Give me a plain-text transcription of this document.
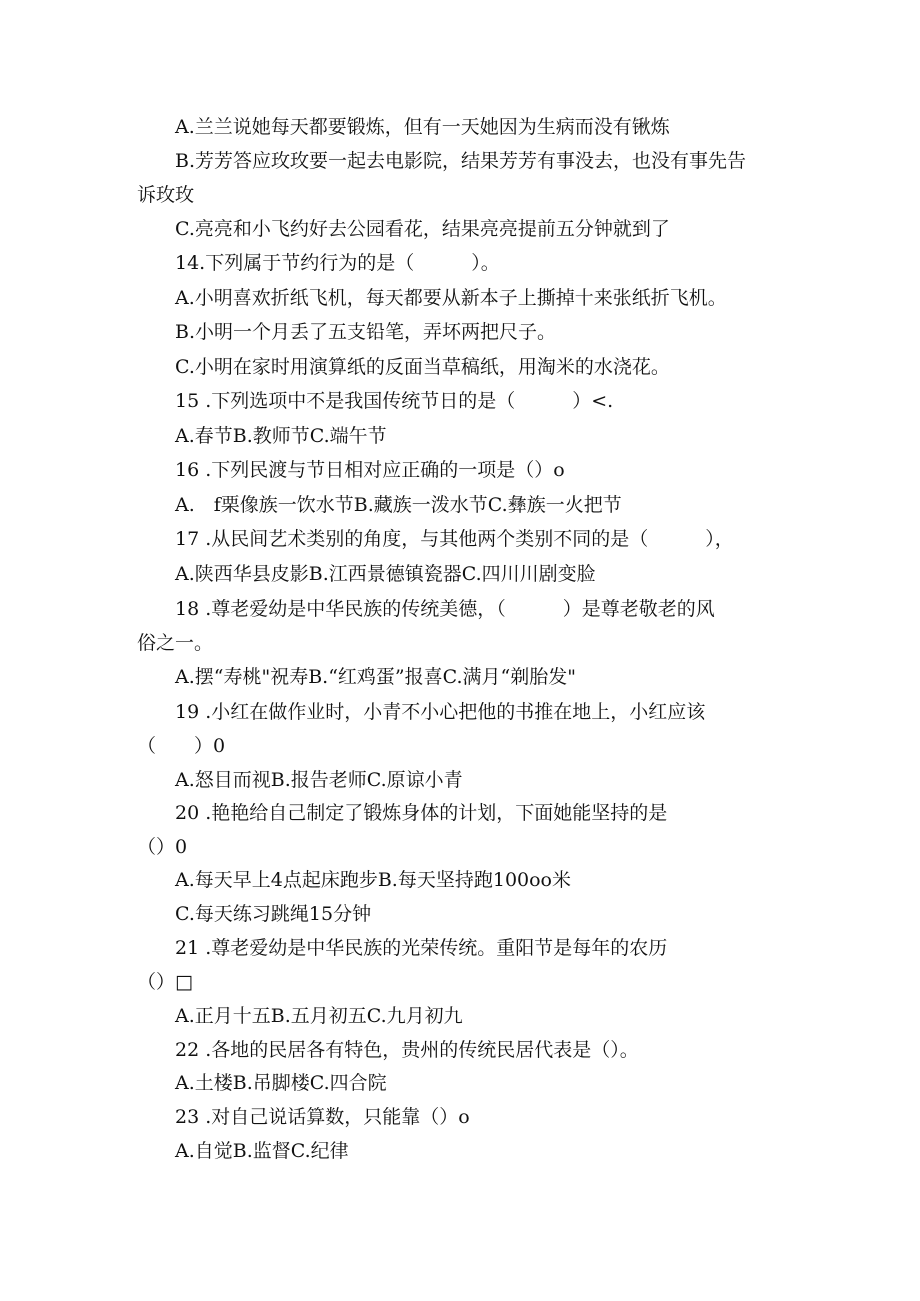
A.兰兰说她每天都要锻炼，但有一天她因为生病而没有锹炼
B.芳芳答应玫玫要一起去电影院，结果芳芳有事没去，也没有事先告
诉玫玫
C.亮亮和小飞约好去公园看花，结果亮亮提前五分钟就到了
14.下列属于节约行为的是（　　　）。
A.小明喜欢折纸飞机，每天都要从新本子上撕掉十来张纸折飞机。
B.小明一个月丢了五支铅笔，弄坏两把尺子。
C.小明在家时用演算纸的反面当草稿纸，用淘米的水浇花。
15 .下列选项中不是我国传统节日的是（　　　）<.
A.春节B.教师节C.端午节
16 .下列民渡与节日相对应正确的一项是（）o
A.　f栗像族一饮水节B.藏族一泼水节C.彝族一火把节
17 .从民间艺术类别的角度，与其他两个类别不同的是（　　　），
A.陕西华县皮影B.江西景德镇瓷器C.四川川剧变脸
18 .尊老爱幼是中华民族的传统美德，（　　　）是尊老敬老的风
俗之一。
A.摆“寿桃"祝寿B.“红鸡蛋”报喜C.满月“剃胎发"
19 .小红在做作业时，小青不小心把他的书推在地上，小红应该
（　　）0
A.怒目而视B.报告老师C.原谅小青
20 .艳艳给自己制定了锻炼身体的计划，下面她能坚持的是
（）0
A.每天早上4点起床跑步B.每天坚持跑100oo米
C.每天练习跳绳15分钟
21 .尊老爱幼是中华民族的光荣传统。重阳节是每年的农历
（）□
A.正月十五B.五月初五C.九月初九
22 .各地的民居各有特色，贵州的传统民居代表是（）。
A.土楼B.吊脚楼C.四合院
23 .对自己说话算数，只能靠（）o
A.自觉B.监督C.纪律
